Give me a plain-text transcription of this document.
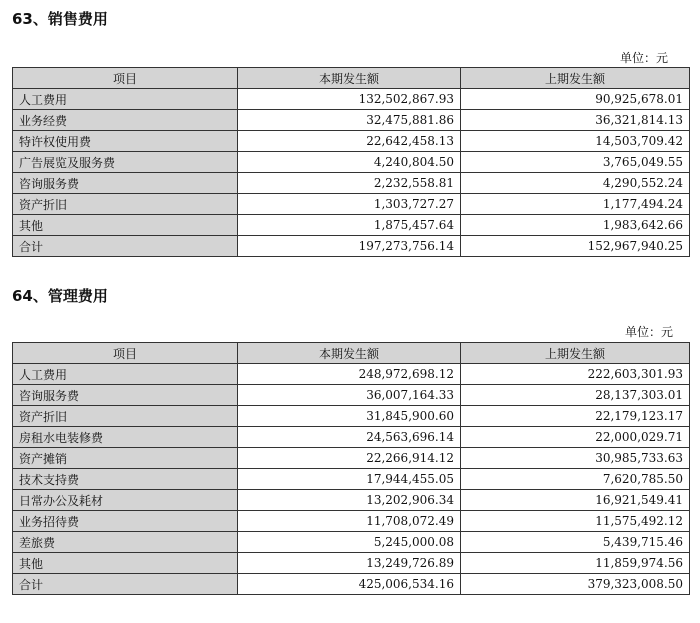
63、销售费用
单位：元
项目	本期发生额	上期发生额
人工费用	132,502,867.93	90,925,678.01
业务经费	32,475,881.86	36,321,814.13
特许权使用费	22,642,458.13	14,503,709.42
广告展览及服务费	4,240,804.50	3,765,049.55
咨询服务费	2,232,558.81	4,290,552.24
资产折旧	1,303,727.27	1,177,494.24
其他	1,875,457.64	1,983,642.66
合计	197,273,756.14	152,967,940.25
64、管理费用
单位：元
项目	本期发生额	上期发生额
人工费用	248,972,698.12	222,603,301.93
咨询服务费	36,007,164.33	28,137,303.01
资产折旧	31,845,900.60	22,179,123.17
房租水电装修费	24,563,696.14	22,000,029.71
资产摊销	22,266,914.12	30,985,733.63
技术支持费	17,944,455.05	7,620,785.50
日常办公及耗材	13,202,906.34	16,921,549.41
业务招待费	11,708,072.49	11,575,492.12
差旅费	5,245,000.08	5,439,715.46
其他	13,249,726.89	11,859,974.56
合计	425,006,534.16	379,323,008.50
